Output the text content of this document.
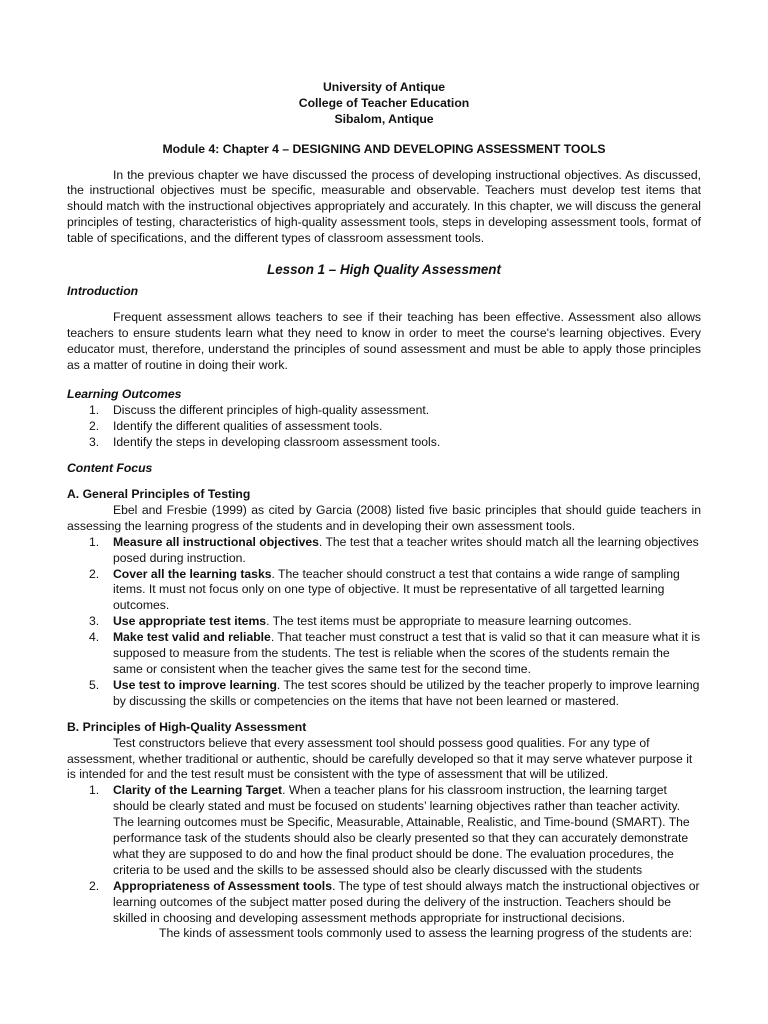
University of Antique
College of Teacher Education
Sibalom, Antique
Module 4: Chapter 4 – DESIGNING AND DEVELOPING ASSESSMENT TOOLS

In the previous chapter we have discussed the process of developing instructional objectives. As discussed, the instructional objectives must be specific, measurable and observable. Teachers must develop test items that should match with the instructional objectives appropriately and accurately. In this chapter, we will discuss the general principles of testing, characteristics of high-quality assessment tools, steps in developing assessment tools, format of table of specifications, and the different types of classroom assessment tools.

Lesson 1 – High Quality Assessment
Introduction

Frequent assessment allows teachers to see if their teaching has been effective. Assessment also allows teachers to ensure students learn what they need to know in order to meet the course's learning objectives. Every educator must, therefore, understand the principles of sound assessment and must be able to apply those principles as a matter of routine in doing their work.

Learning Outcomes
1. Discuss the different principles of high-quality assessment.
2. Identify the different qualities of assessment tools.
3. Identify the steps in developing classroom assessment tools.
Content Focus
A. General Principles of Testing

Ebel and Fresbie (1999) as cited by Garcia (2008) listed five basic principles that should guide teachers in assessing the learning progress of the students and in developing their own assessment tools.

1. Measure all instructional objectives. The test that a teacher writes should match all the learning objectives posed during instruction.
2. Cover all the learning tasks. The teacher should construct a test that contains a wide range of sampling items. It must not focus only on one type of objective. It must be representative of all targetted learning outcomes.
3. Use appropriate test items. The test items must be appropriate to measure learning outcomes.
4. Make test valid and reliable. That teacher must construct a test that is valid so that it can measure what it is supposed to measure from the students. The test is reliable when the scores of the students remain the same or consistent when the teacher gives the same test for the second time.
5. Use test to improve learning. The test scores should be utilized by the teacher properly to improve learning by discussing the skills or competencies on the items that have not been learned or mastered.
B. Principles of High-Quality Assessment

Test constructors believe that every assessment tool should possess good qualities. For any type of assessment, whether traditional or authentic, should be carefully developed so that it may serve whatever purpose it is intended for and the test result must be consistent with the type of assessment that will be utilized.

1. Clarity of the Learning Target. When a teacher plans for his classroom instruction, the learning target should be clearly stated and must be focused on students’ learning objectives rather than teacher activity. The learning outcomes must be Specific, Measurable, Attainable, Realistic, and Time-bound (SMART). The performance task of the students should also be clearly presented so that they can accurately demonstrate what they are supposed to do and how the final product should be done. The evaluation procedures, the criteria to be used and the skills to be assessed should also be clearly discussed with the students
2. Appropriateness of Assessment tools. The type of test should always match the instructional objectives or learning outcomes of the subject matter posed during the delivery of the instruction. Teachers should be skilled in choosing and developing assessment methods appropriate for instructional decisions.

The kinds of assessment tools commonly used to assess the learning progress of the students are:
